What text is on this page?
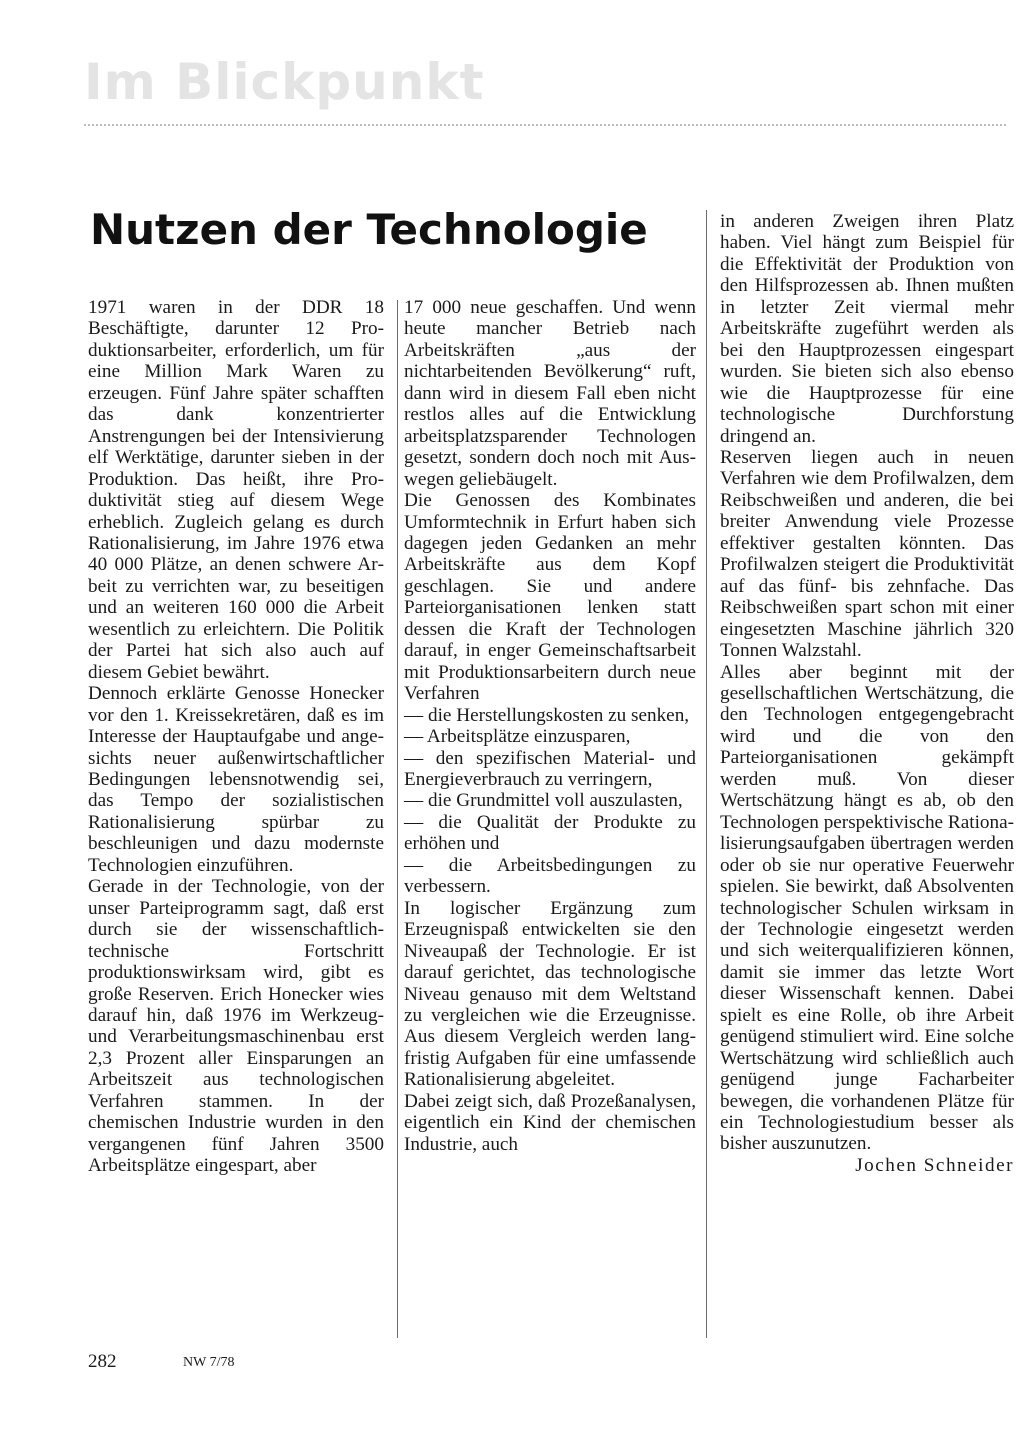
Im Blickpunkt
Nutzen der Technologie

1971 waren in der DDR 18 Beschäftigte, darunter 12 Produktionsarbeiter, erforderlich, um für eine Million Mark Waren zu erzeugen. Fünf Jahre später schafften das dank konzentrierter Anstrengungen bei der Intensivierung elf Werktätige, darunter sieben in der Produktion. Das heißt, ihre Produktivität stieg auf diesem Wege erheblich. Zugleich gelang es durch Rationalisierung, im Jahre 1976 etwa 40 000 Plätze, an denen schwere Arbeit zu verrichten war, zu beseitigen und an weiteren 160 000 die Arbeit wesentlich zu erleichtern. Die Politik der Partei hat sich also auch auf diesem Gebiet bewährt.

Dennoch erklärte Genosse Honecker vor den 1. Kreissekretären, daß es im Interesse der Hauptaufgabe und angesichts neuer außenwirtschaftlicher Bedingungen lebensnotwendig sei, das Tempo der sozialistischen Rationalisierung spürbar zu beschleunigen und dazu modernste Technologien einzuführen.

Gerade in der Technologie, von der unser Parteiprogramm sagt, daß erst durch sie der wissenschaftlich-technische Fortschritt produktionswirksam wird, gibt es große Reserven. Erich Honecker wies darauf hin, daß 1976 im Werkzeug- und Verarbeitungsmaschinenbau erst 2,3 Prozent aller Einsparungen an Arbeitszeit aus technologischen Verfahren stammen. In der chemischen Industrie wurden in den vergangenen fünf Jahren 3500 Arbeitsplätze eingespart, aber

17 000 neue geschaffen. Und wenn heute mancher Betrieb nach Arbeitskräften „aus der nichtarbeitenden Bevölkerung“ ruft, dann wird in diesem Fall eben nicht restlos alles auf die Entwicklung arbeitsplatzsparender Technologen gesetzt, sondern doch noch mit Auswegen geliebäugelt.

Die Genossen des Kombinates Umformtechnik in Erfurt haben sich dagegen jeden Gedanken an mehr Arbeitskräfte aus dem Kopf geschlagen. Sie und andere Parteiorganisationen lenken statt dessen die Kraft der Technologen darauf, in enger Gemeinschaftsarbeit mit Produktionsarbeitern durch neue Verfahren

— die Herstellungskosten zu senken,

— Arbeitsplätze einzusparen,

— den spezifischen Material- und Energieverbrauch zu verringern,

— die Grundmittel voll auszulasten,

— die Qualität der Produkte zu erhöhen und

— die Arbeitsbedingungen zu verbessern.

In logischer Ergänzung zum Erzeugnispaß entwickelten sie den Niveaupaß der Technologie. Er ist darauf gerichtet, das technologische Niveau genauso mit dem Weltstand zu vergleichen wie die Erzeugnisse. Aus diesem Vergleich werden langfristig Aufgaben für eine umfassende Rationalisierung abgeleitet.

Dabei zeigt sich, daß Prozeßanalysen, eigentlich ein Kind der chemischen Industrie, auch

in anderen Zweigen ihren Platz haben. Viel hängt zum Beispiel für die Effektivität der Produktion von den Hilfsprozessen ab. Ihnen mußten in letzter Zeit viermal mehr Arbeitskräfte zugeführt werden als bei den Hauptprozessen eingespart wurden. Sie bieten sich also ebenso wie die Hauptprozesse für eine technologische Durchforstung dringend an.

Reserven liegen auch in neuen Verfahren wie dem Profilwalzen, dem Reibschweißen und anderen, die bei breiter Anwendung viele Prozesse effektiver gestalten könnten. Das Profilwalzen steigert die Produktivität auf das fünf- bis zehnfache. Das Reibschweißen spart schon mit einer eingesetzten Maschine jährlich 320 Tonnen Walzstahl.

Alles aber beginnt mit der gesellschaftlichen Wertschätzung, die den Technologen entgegengebracht wird und die von den Parteiorganisationen gekämpft werden muß. Von dieser Wertschätzung hängt es ab, ob den Technologen perspektivische Rationalisierungsaufgaben übertragen werden oder ob sie nur operative Feuerwehr spielen. Sie bewirkt, daß Absolventen technologischer Schulen wirksam in der Technologie eingesetzt werden und sich weiterqualifizieren können, damit sie immer das letzte Wort dieser Wissenschaft kennen. Dabei spielt es eine Rolle, ob ihre Arbeit genügend stimuliert wird. Eine solche Wertschätzung wird schließlich auch genügend junge Facharbeiter bewegen, die vorhandenen Plätze für ein Technologiestudium besser als bisher auszunutzen.

Jochen Schneider

282	NW 7/78
